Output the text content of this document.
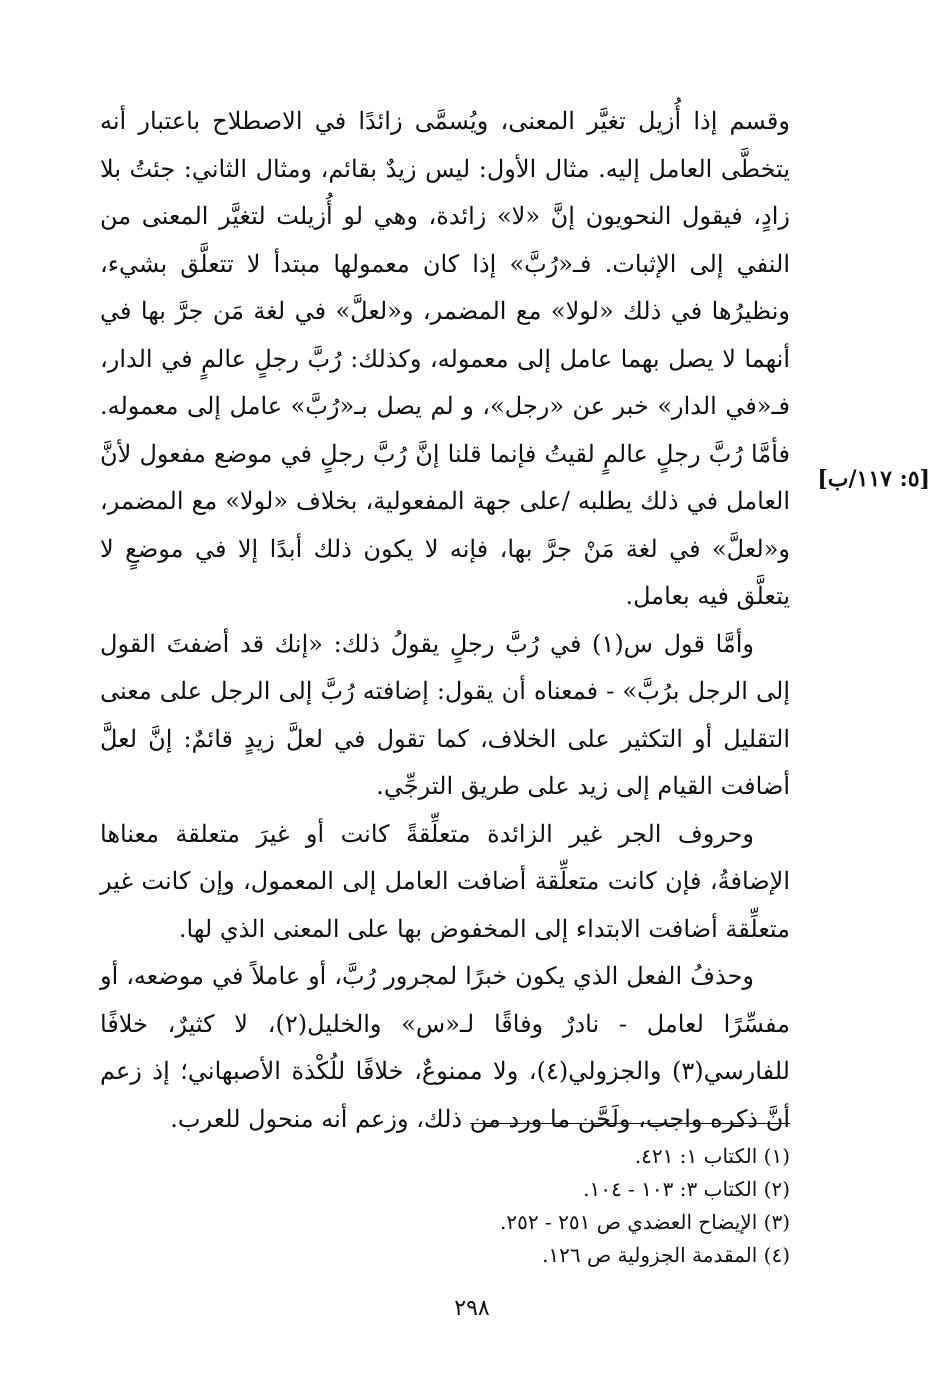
[٥: ١١٧/ب]

وقسم إذا أُزيل تغيَّر المعنى، ويُسمَّى زائدًا في الاصطلاح باعتبار أنه يتخطَّى العامل إليه. مثال الأول: ليس زيدٌ بقائم، ومثال الثاني: جئتُ بلا زادٍ، فيقول النحويون إنَّ «لا» زائدة، وهي لو أُزيلت لتغيَّر المعنى من النفي إلى الإثبات. فـ«رُبَّ» إذا كان معمولها مبتدأ لا تتعلَّق بشيء، ونظيرُها في ذلك «لولا» مع المضمر، و«لعلَّ» في لغة مَن جرَّ بها في أنهما لا يصل بهما عامل إلى معموله، وكذلك: رُبَّ رجلٍ عالمٍ في الدار، فـ«في الدار» خبر عن «رجل»، و لم يصل بـ«رُبَّ» عامل إلى معموله. فأمَّا رُبَّ رجلٍ عالمٍ لقيتُ فإنما قلنا إنَّ رُبَّ رجلٍ في موضع مفعول لأنَّ العامل في ذلك يطلبه /على جهة المفعولية، بخلاف «لولا» مع المضمر، و«لعلَّ» في لغة مَنْ جرَّ بها، فإنه لا يكون ذلك أبدًا إلا في موضعٍ لا يتعلَّق فيه بعامل.

وأمَّا قول س(١) في رُبَّ رجلٍ يقولُ ذلك: «إنك قد أضفتَ القول إلى الرجل برُبَّ» - فمعناه أن يقول: إضافته رُبَّ إلى الرجل على معنى التقليل أو التكثير على الخلاف، كما تقول في لعلَّ زيدٍ قائمٌ: إنَّ لعلَّ أضافت القيام إلى زيد على طريق الترجِّي.

وحروف الجر غير الزائدة متعلِّقةً كانت أو غيرَ متعلقة معناها الإضافةُ، فإن كانت متعلِّقة أضافت العامل إلى المعمول، وإن كانت غير متعلِّقة أضافت الابتداء إلى المخفوض بها على المعنى الذي لها.

وحذفُ الفعل الذي يكون خبرًا لمجرور رُبَّ، أو عاملاً في موضعه، أو مفسِّرًا لعامل - نادرٌ وفاقًا لـ«س» والخليل(٢)، لا كثيرٌ، خلافًا للفارسي(٣) والجزولي(٤)، ولا ممنوعٌ، خلافًا للُكْذة الأصبهاني؛ إذ زعم أنَّ ذكره واجب، ولَحَّن ما ورد من ذلك، وزعم أنه منحول للعرب.

(١) الكتاب ١: ٤٢١.

(٢) الكتاب ٣: ١٠٣ - ١٠٤.

(٣) الإيضاح العضدي ص ٢٥١ - ٢٥٢.

(٤) المقدمة الجزولية ص ١٢٦.

٢٩٨
